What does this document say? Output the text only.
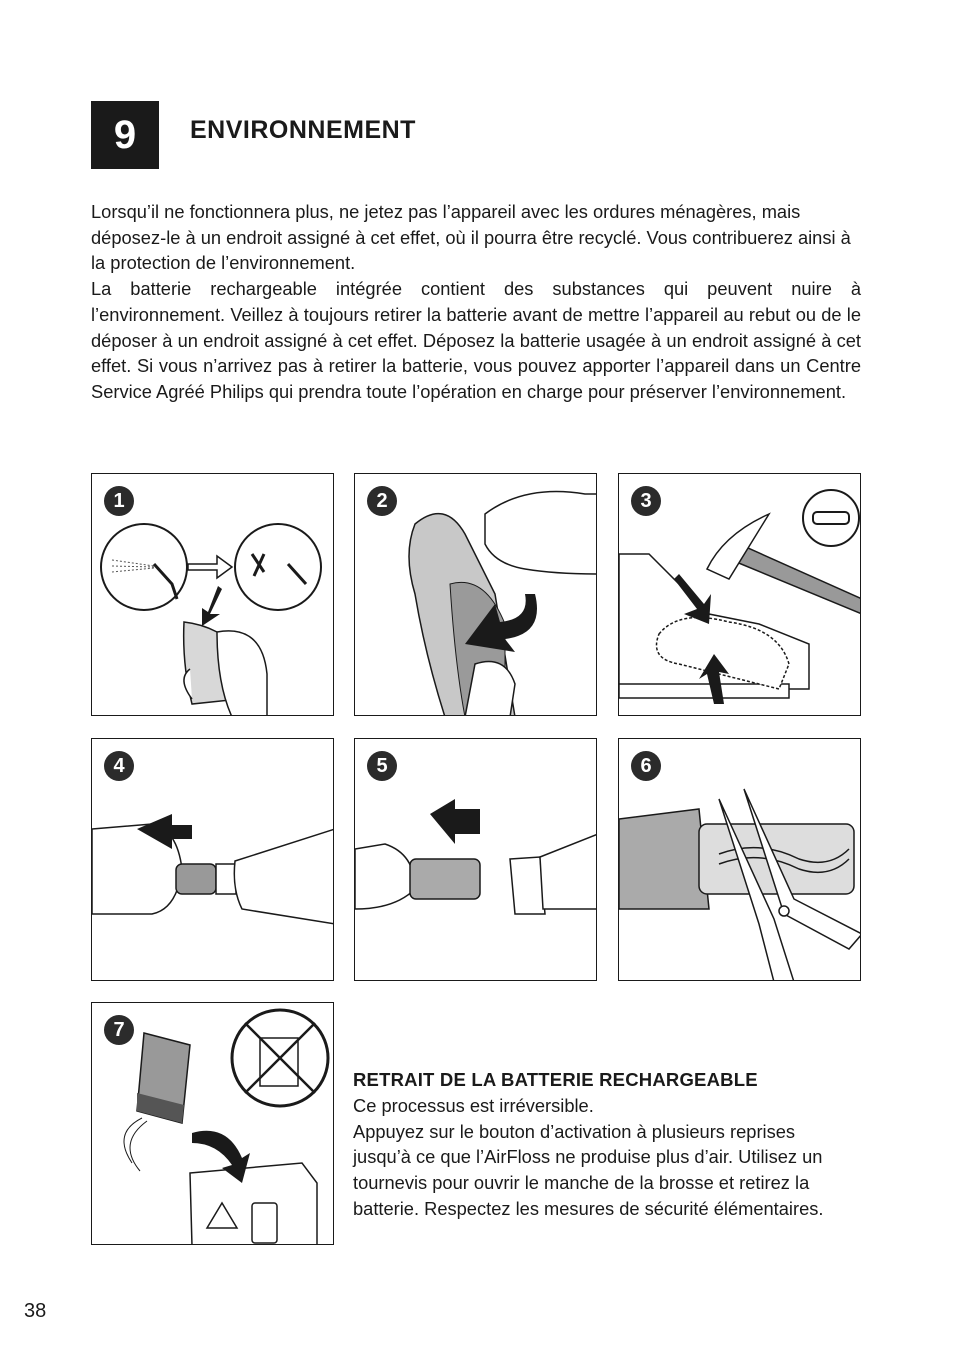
9 ENVIRONNEMENT

Lorsqu’il ne fonctionnera plus, ne jetez pas l’appareil avec les ordures ménagères, mais déposez-le à un endroit assigné à cet effet, où il pourra être recyclé. Vous contribuerez ainsi à la protection de l’environnement.

La batterie rechargeable intégrée contient des substances qui peuvent nuire à l’environnement. Veillez à toujours retirer la batterie avant de mettre l’appareil au rebut ou de le déposer à un endroit assigné à cet effet. Déposez la batterie usagée à un endroit assigné à cet effet. Si vous n’arrivez pas à retirer la batterie, vous pouvez apporter l’appareil dans un Centre Service Agréé Philips qui prendra toute l’opération en charge pour préserver l’environnement.

1	2	3
4	5	6
7
RETRAIT DE LA BATTERIE RECHARGEABLE

Ce processus est irréversible.

Appuyez sur le bouton d’activation à plusieurs reprises jusqu’à ce que l’AirFloss ne produise plus d’air. Utilisez un tournevis pour ouvrir le manche de la brosse et retirez la batterie. Respectez les mesures de sécurité élémentaires.

38
